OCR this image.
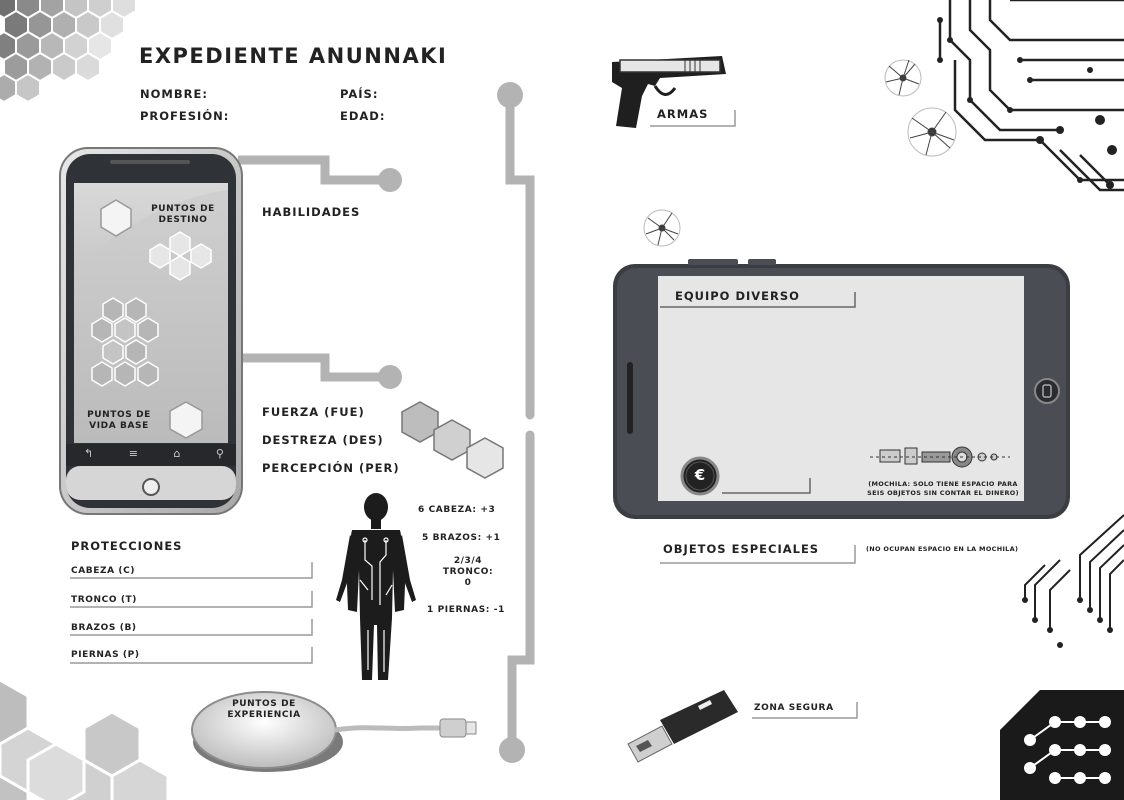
EXPEDIENTE ANUNNAKI
NOMBRE:	PAÍS:
PROFESIÓN:	EDAD:
PUNTOS DE
DESTINO
PUNTOS DE
VIDA BASE
↰	≡	⌂	⚲
HABILIDADES
FUERZA (FUE)
DESTREZA (DES)
PERCEPCIÓN (PER)
6 CABEZA: +3
5 BRAZOS: +1
2/3/4
TRONCO: 0
1 PIERNAS: -1
PROTECCIONES
CABEZA (C)
TRONCO (T)
BRAZOS (B)
PIERNAS (P)
PUNTOS DE
EXPERIENCIA
ARMAS
EQUIPO DIVERSO
€	(MOCHILA: SOLO TIENE ESPACIO PARA
SEIS OBJETOS SIN CONTAR EL DINERO)
OBJETOS ESPECIALES	(NO OCUPAN ESPACIO EN LA MOCHILA)
ZONA SEGURA
